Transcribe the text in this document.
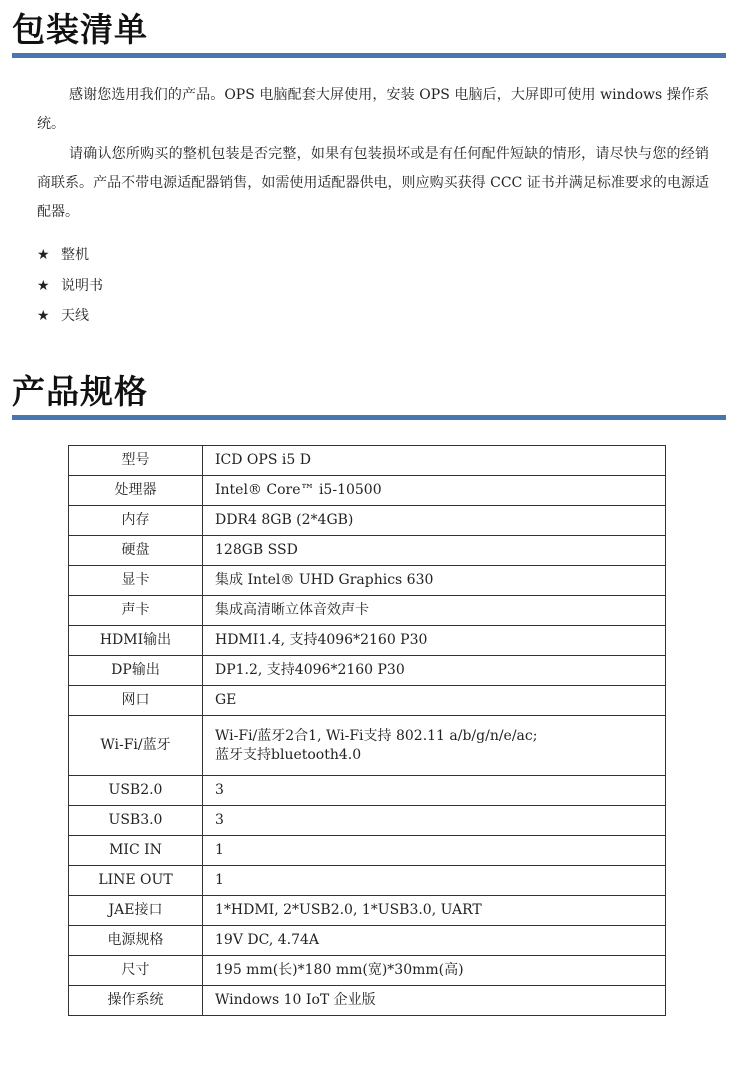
包装清单

感谢您选用我们的产品。OPS 电脑配套大屏使用，安装 OPS 电脑后，大屏即可使用 windows 操作系统。

请确认您所购买的整机包装是否完整，如果有包装损坏或是有任何配件短缺的情形，请尽快与您的经销商联系。产品不带电源适配器销售，如需使用适配器供电，则应购买获得 CCC 证书并满足标准要求的电源适配器。

★ 整机
★ 说明书
★ 天线
产品规格
型号	ICD OPS i5 D
处理器	Intel® Core™ i5-10500
内存	DDR4 8GB (2*4GB)
硬盘	128GB SSD
显卡	集成 Intel® UHD Graphics 630
声卡	集成高清晰立体音效声卡
HDMI输出	HDMI1.4, 支持4096*2160 P30
DP输出	DP1.2, 支持4096*2160 P30
网口	GE
Wi-Fi/蓝牙	Wi-Fi/蓝牙2合1, Wi-Fi支持 802.11 a/b/g/n/e/ac;
蓝牙支持bluetooth4.0

USB2.0	3
USB3.0	3
MIC IN	1
LINE OUT	1
JAE接口	1*HDMI, 2*USB2.0, 1*USB3.0, UART
电源规格	19V DC, 4.74A
尺寸	195 mm(长)*180 mm(宽)*30mm(高)
操作系统	Windows 10 IoT 企业版
